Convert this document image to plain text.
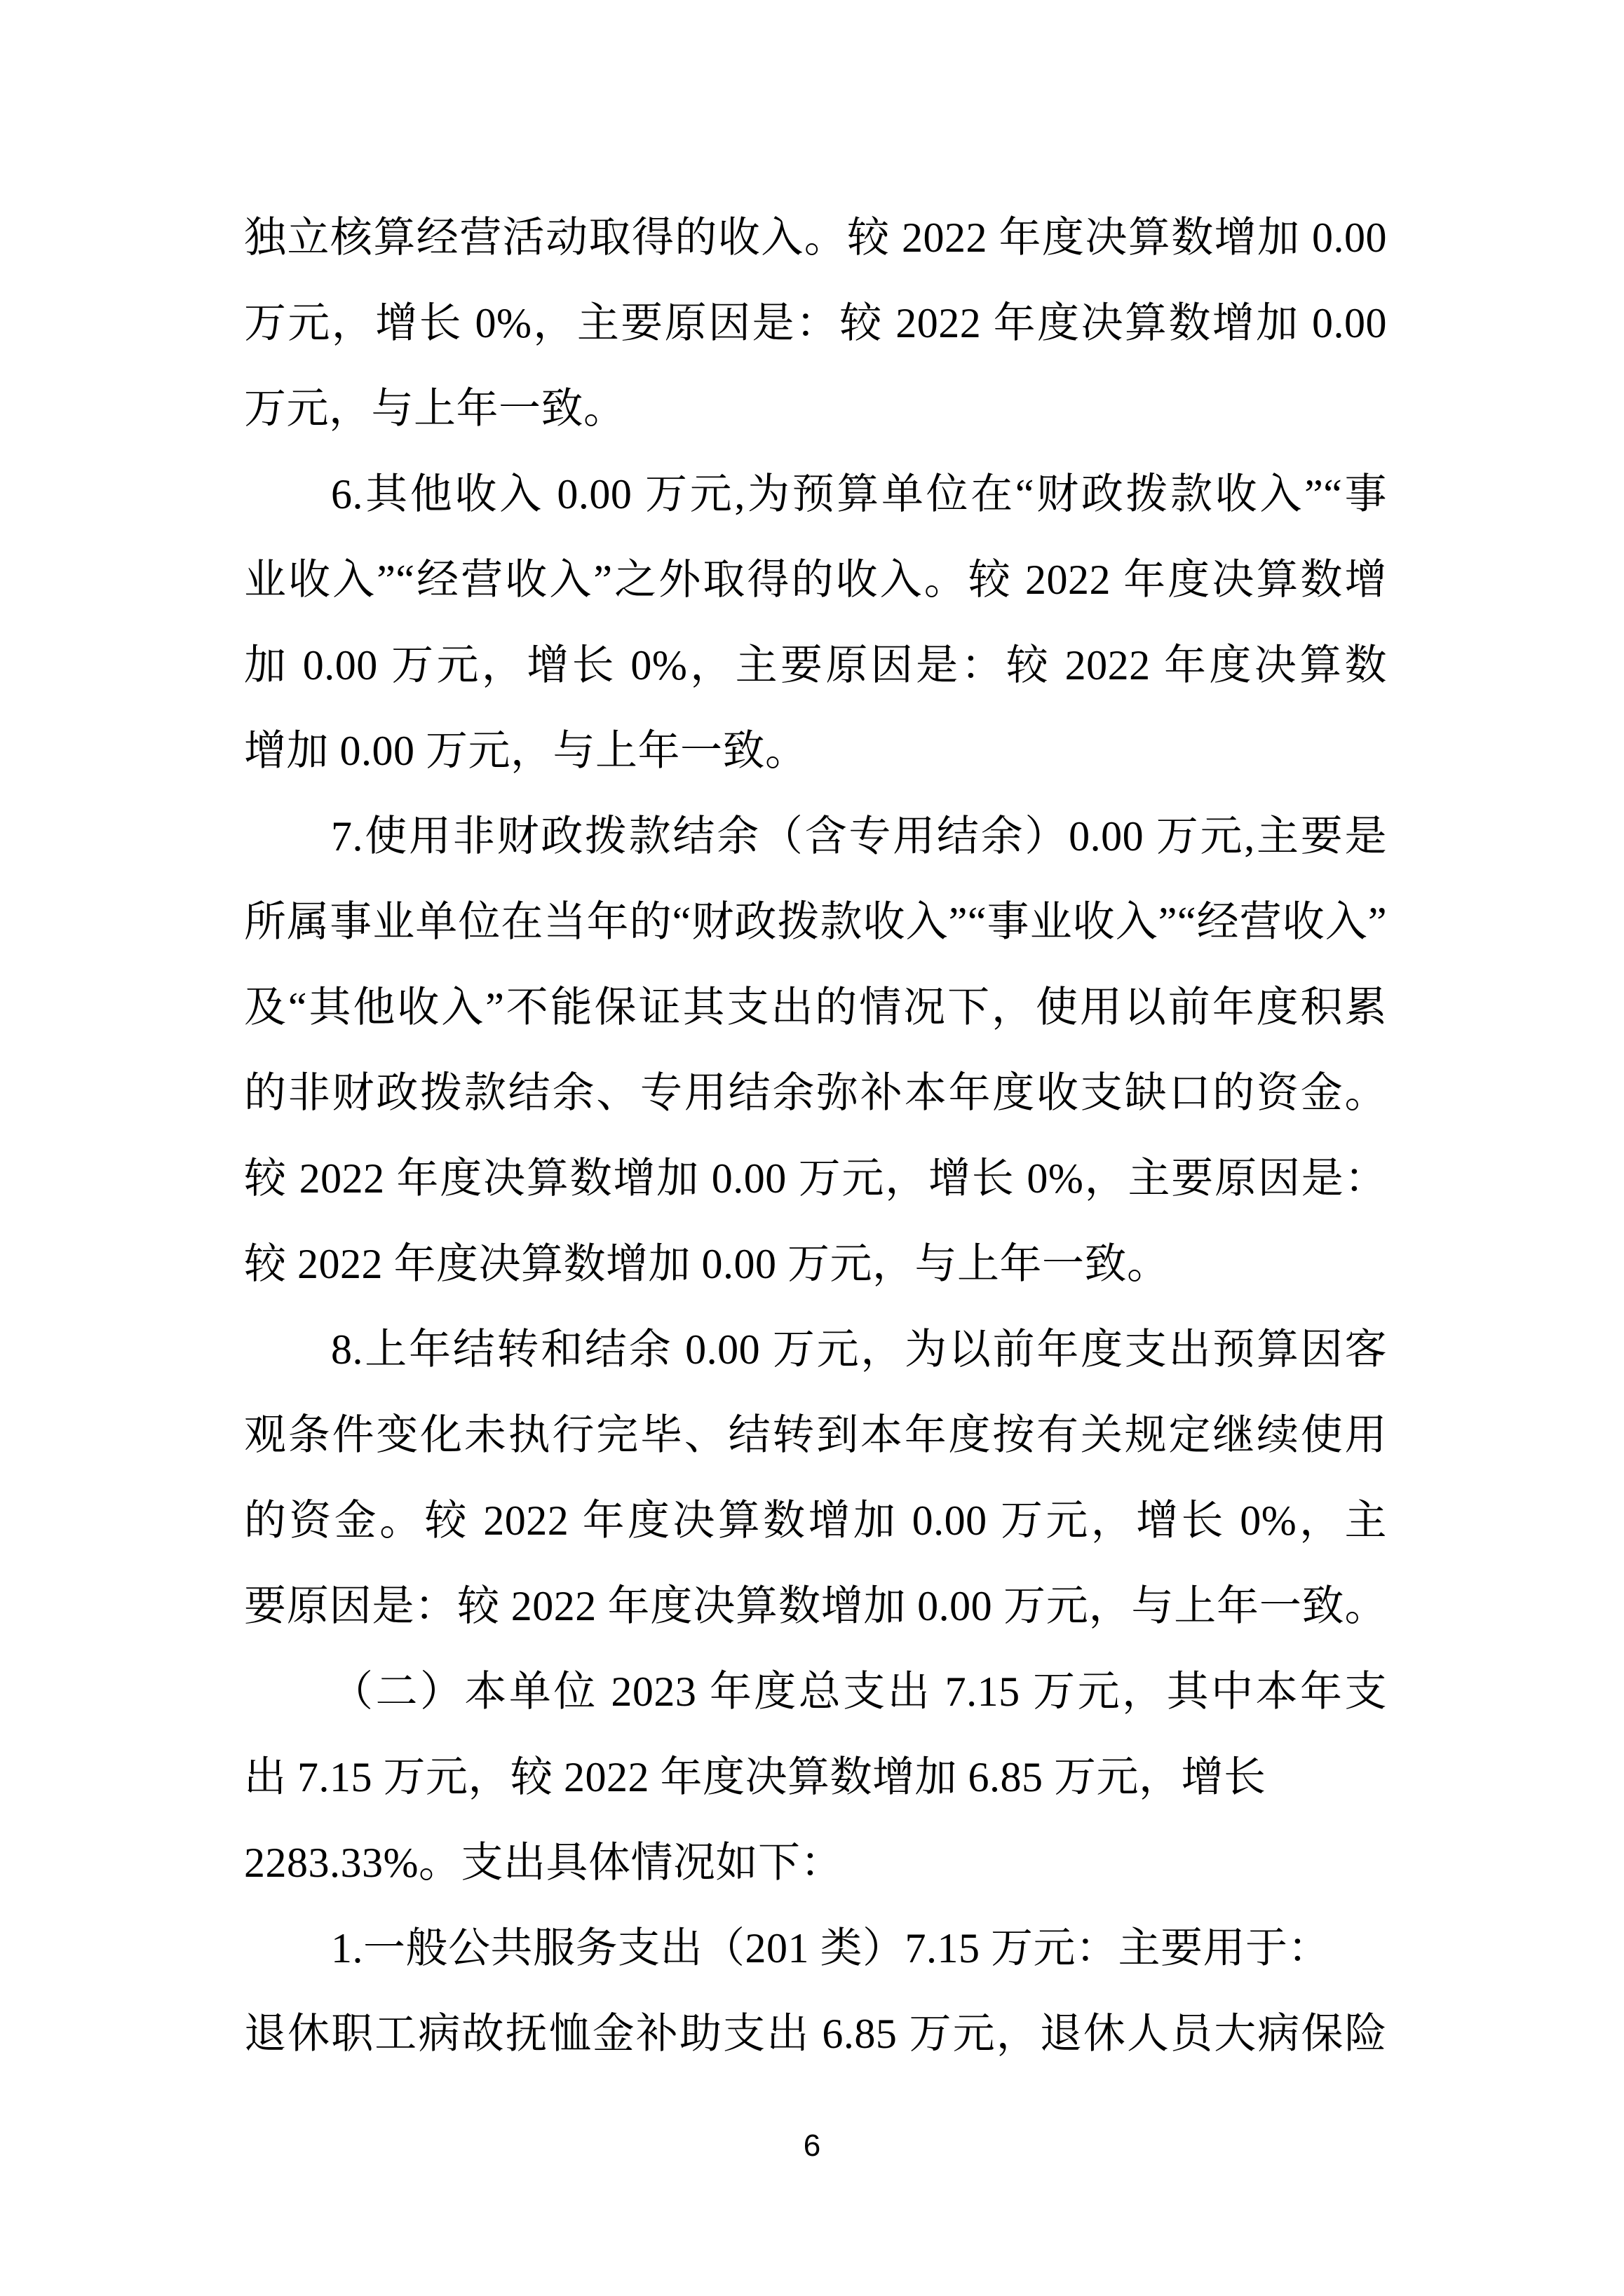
独立核算经营活动取得的收入。较 2022 年度决算数增加 0.00
万元，增长 0%，主要原因是：较 2022 年度决算数增加 0.00
万元，与上年一致。
6.其他收入 0.00 万元,为预算单位在“财政拨款收入”“事
业收入”“经营收入”之外取得的收入。较 2022 年度决算数增
加 0.00 万元，增长 0%，主要原因是：较 2022 年度决算数
增加 0.00 万元，与上年一致。
7.使用非财政拨款结余（含专用结余）0.00 万元,主要是
所属事业单位在当年的“财政拨款收入”“事业收入”“经营收入”
及“其他收入”不能保证其支出的情况下，使用以前年度积累
的非财政拨款结余、专用结余弥补本年度收支缺口的资金。
较 2022 年度决算数增加 0.00 万元，增长 0%，主要原因是：
较 2022 年度决算数增加 0.00 万元，与上年一致。
8.上年结转和结余 0.00 万元，为以前年度支出预算因客
观条件变化未执行完毕、结转到本年度按有关规定继续使用
的资金。较 2022 年度决算数增加 0.00 万元，增长 0%，主
要原因是：较 2022 年度决算数增加 0.00 万元，与上年一致。
（二）本单位 2023 年度总支出 7.15 万元，其中本年支
出 7.15 万元，较 2022 年度决算数增加 6.85 万元，增长
2283.33%。支出具体情况如下：
1.一般公共服务支出（201 类）7.15 万元：主要用于：
退休职工病故抚恤金补助支出 6.85 万元，退休人员大病保险
6
